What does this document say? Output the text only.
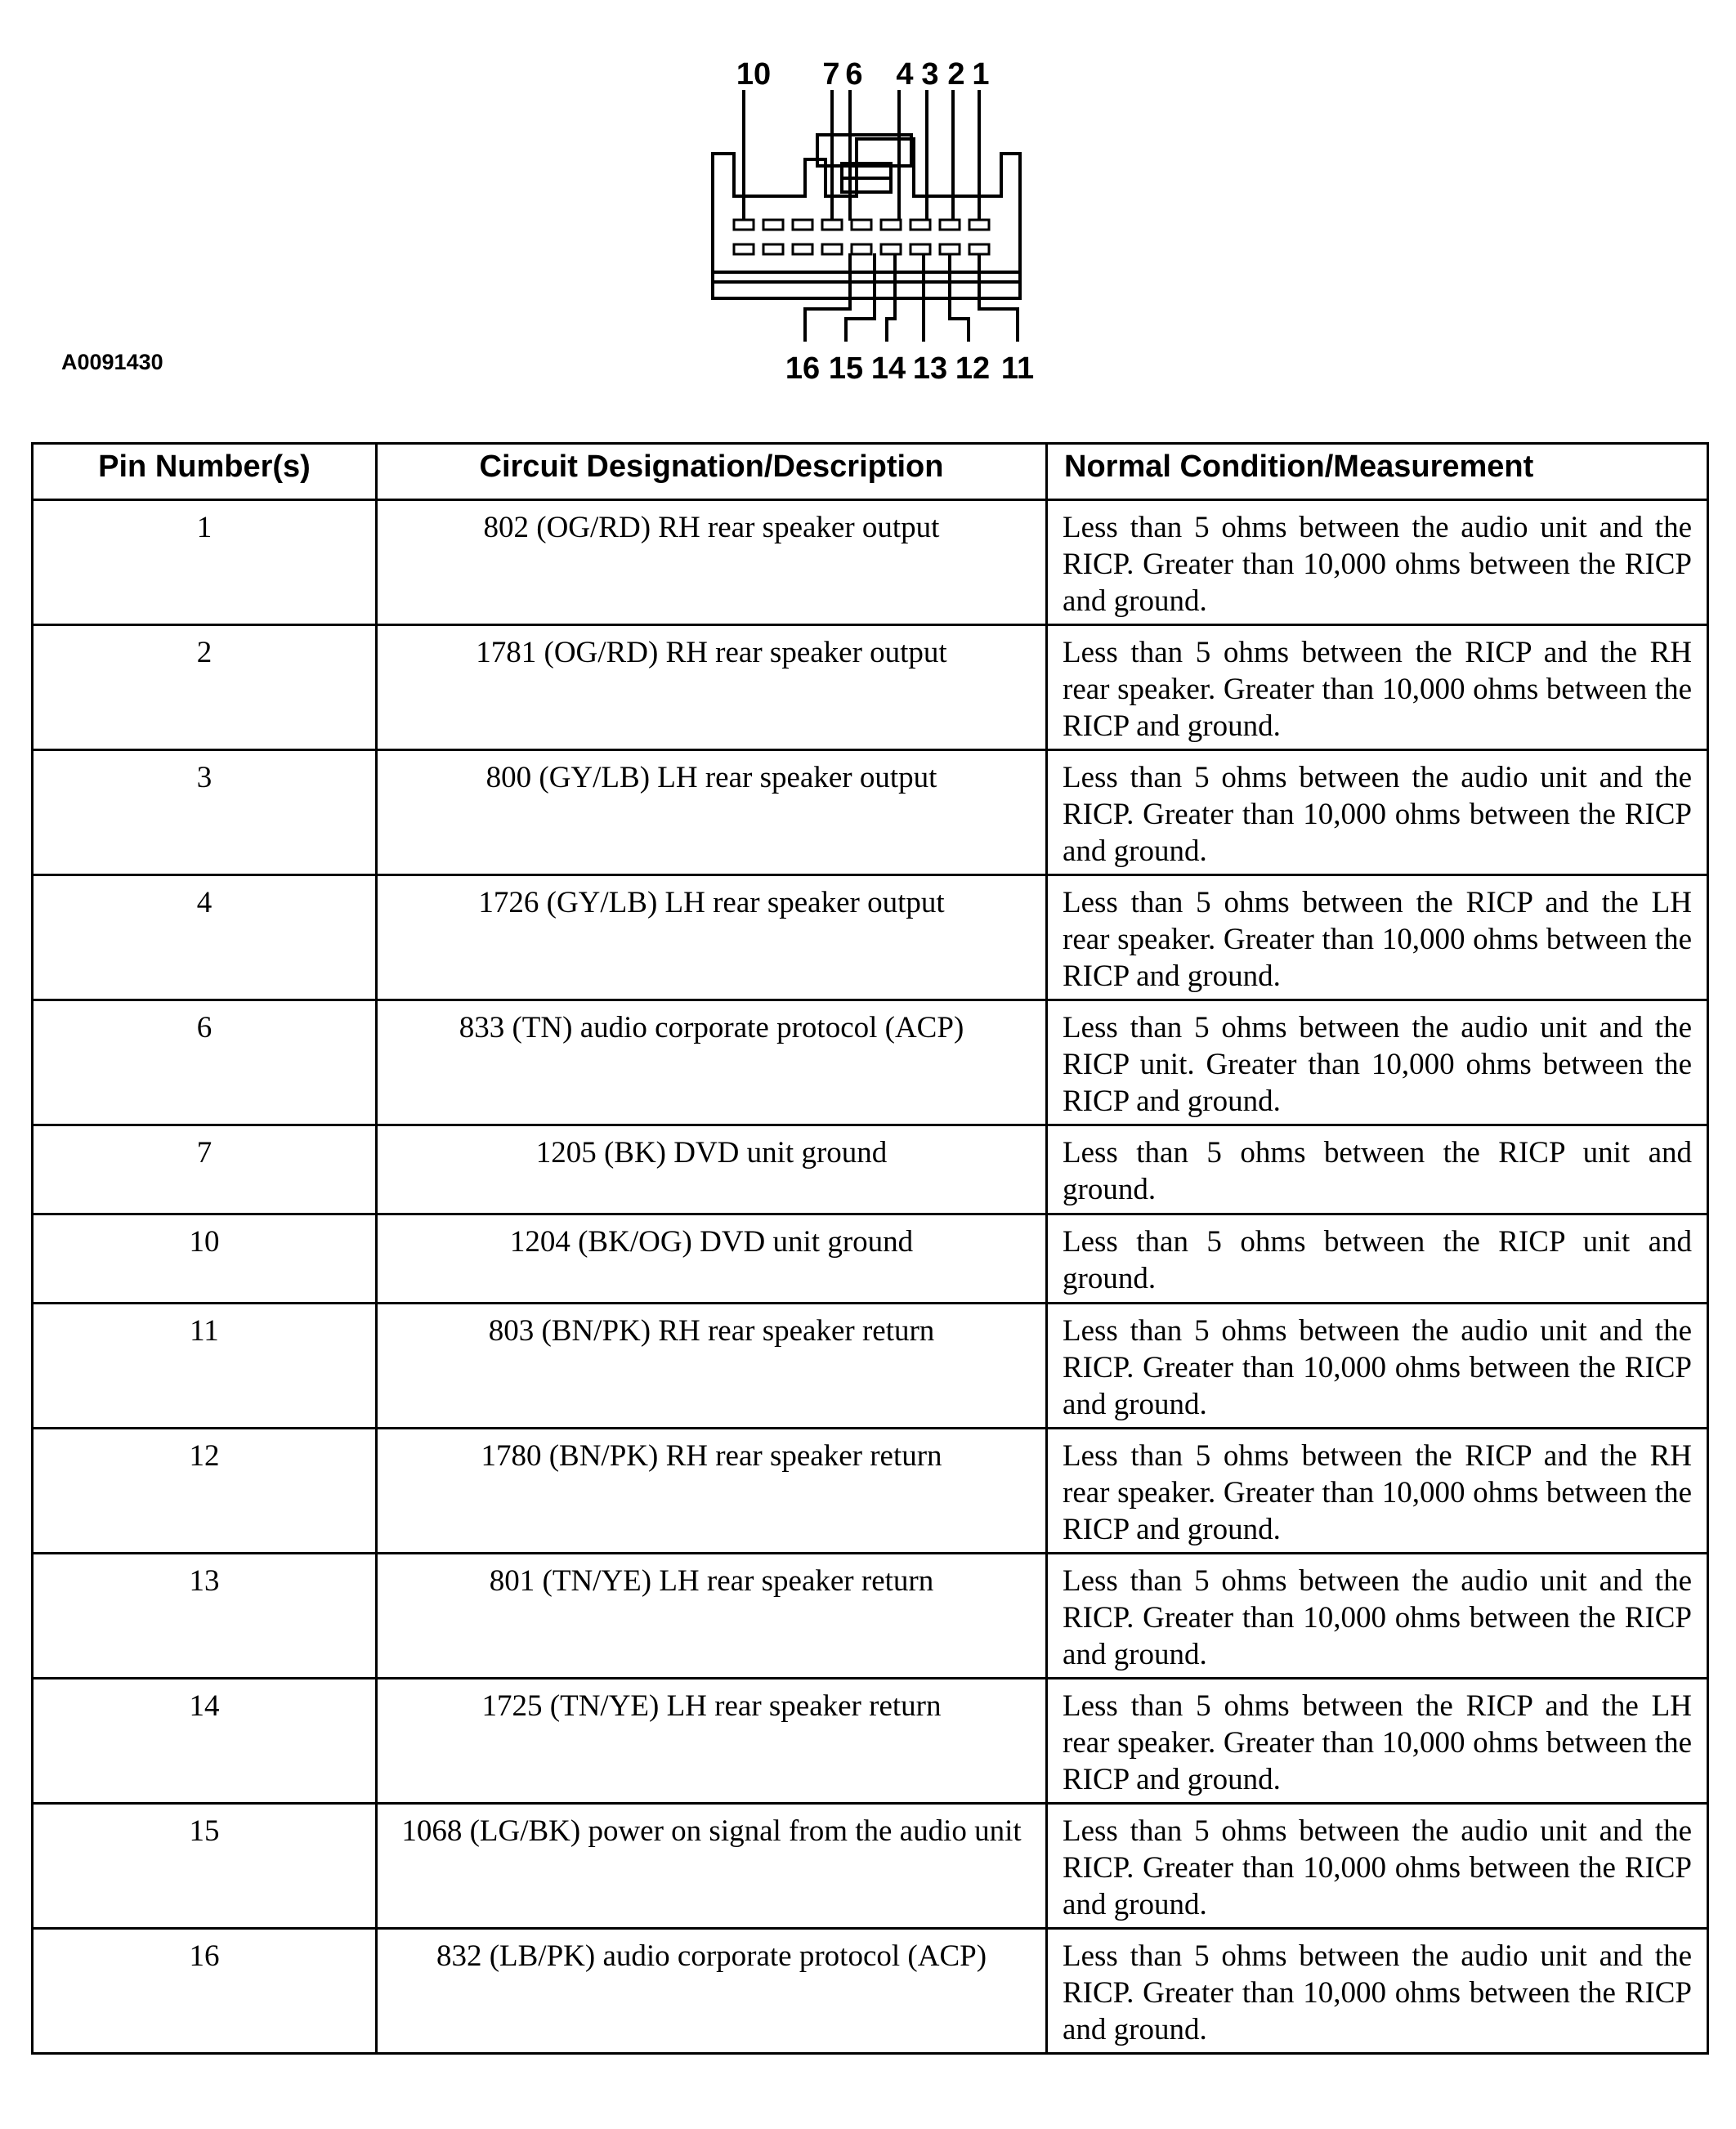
10 7 6 4 3 2 1
16 15 14 13 12 11
A0091430
Pin Number(s)	Circuit Designation/Description	Normal Condition/Measurement
1	802 (OG/RD) RH rear speaker output	Less than 5 ohms between the audio unit and the RICP. Greater than 10,000 ohms between the RICP and ground.
2	1781 (OG/RD) RH rear speaker output	Less than 5 ohms between the RICP and the RH rear speaker. Greater than 10,000 ohms between the RICP and ground.
3	800 (GY/LB) LH rear speaker output	Less than 5 ohms between the audio unit and the RICP. Greater than 10,000 ohms between the RICP and ground.
4	1726 (GY/LB) LH rear speaker output	Less than 5 ohms between the RICP and the LH rear speaker. Greater than 10,000 ohms between the RICP and ground.
6	833 (TN) audio corporate protocol (ACP)	Less than 5 ohms between the audio unit and the RICP unit. Greater than 10,000 ohms between the RICP and ground.
7	1205 (BK) DVD unit ground	Less than 5 ohms between the RICP unit and ground.
10	1204 (BK/OG) DVD unit ground	Less than 5 ohms between the RICP unit and ground.
11	803 (BN/PK) RH rear speaker return	Less than 5 ohms between the audio unit and the RICP. Greater than 10,000 ohms between the RICP and ground.
12	1780 (BN/PK) RH rear speaker return	Less than 5 ohms between the RICP and the RH rear speaker. Greater than 10,000 ohms between the RICP and ground.
13	801 (TN/YE) LH rear speaker return	Less than 5 ohms between the audio unit and the RICP. Greater than 10,000 ohms between the RICP and ground.
14	1725 (TN/YE) LH rear speaker return	Less than 5 ohms between the RICP and the LH rear speaker. Greater than 10,000 ohms between the RICP and ground.
15	1068 (LG/BK) power on signal from the audio unit	Less than 5 ohms between the audio unit and the RICP. Greater than 10,000 ohms between the RICP and ground.
16	832 (LB/PK) audio corporate protocol (ACP)	Less than 5 ohms between the audio unit and the RICP. Greater than 10,000 ohms between the RICP and ground.
